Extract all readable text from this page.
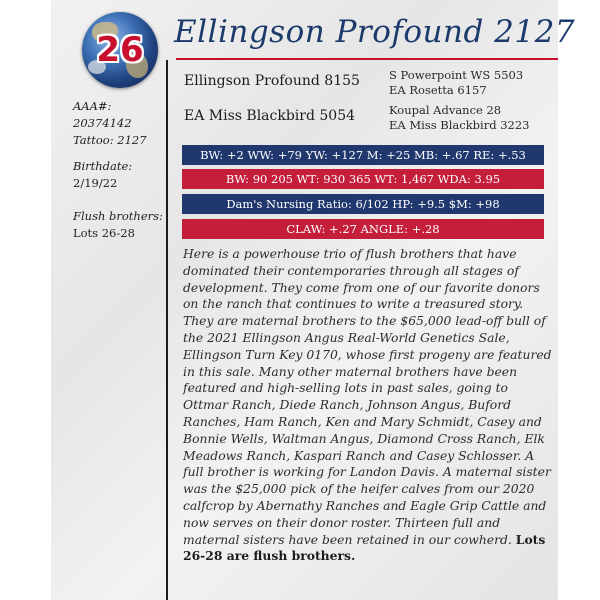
26 Ellingson Profound 2127
Ellingson Profound 8155
EA Miss Blackbird 5054
S Powerpoint WS 5503
EA Rosetta 6157
Koupal Advance 28
EA Miss Blackbird 3223
AAA#: 20374142
Tattoo: 2127
Birthdate:
2/19/22
Flush brothers:
Lots 26-28
BW: +2 WW: +79 YW: +127 M: +25 MB: +.67 RE: +.53
BW: 90 205 WT: 930 365 WT: 1,467 WDA: 3.95
Dam's Nursing Ratio: 6/102 HP: +9.5 $M: +98
CLAW: +.27 ANGLE: +.28
Here is a powerhouse trio of flush brothers that have dominated their contemporaries through all stages of development. They come from one of our favorite donors on the ranch that continues to write a treasured story. They are maternal brothers to the $65,000 lead-off bull of the 2021 Ellingson Angus Real-World Genetics Sale, Ellingson Turn Key 0170, whose first progeny are featured in this sale. Many other maternal brothers have been featured and high-selling lots in past sales, going to Ottmar Ranch, Diede Ranch, Johnson Angus, Buford Ranches, Ham Ranch, Ken and Mary Schmidt, Casey and Bonnie Wells, Waltman Angus, Diamond Cross Ranch, Elk Meadows Ranch, Kaspari Ranch and Casey Schlosser. A full brother is working for Landon Davis. A maternal sister was the $25,000 pick of the heifer calves from our 2020 calfcrop by Abernathy Ranches and Eagle Grip Cattle and now serves on their donor roster. Thirteen full and maternal sisters have been retained in our cowherd. Lots 26-28 are flush brothers.
